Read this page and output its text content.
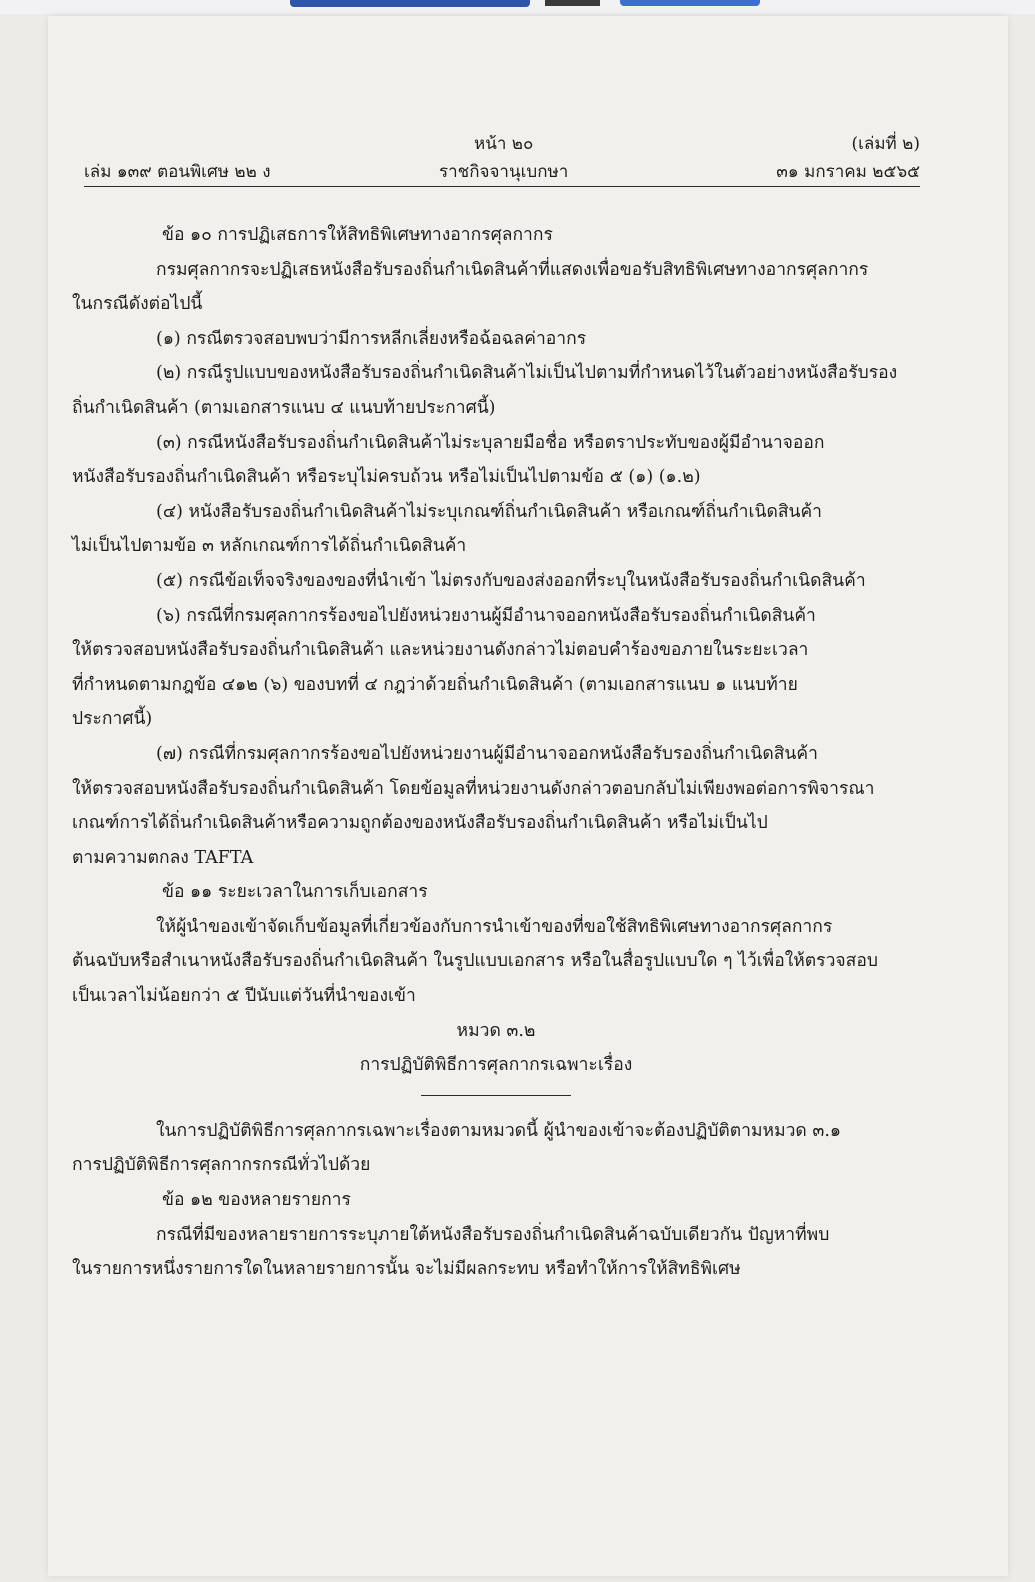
หน้า ๒๐	(เล่มที่ ๒)
เล่ม ๑๓๙ ตอนพิเศษ ๒๒ ง	ราชกิจจานุเบกษา	๓๑ มกราคม ๒๕๖๕
ข้อ ๑๐ การปฏิเสธการให้สิทธิพิเศษทางอากรศุลกากร
กรมศุลกากรจะปฏิเสธหนังสือรับรองถิ่นกำเนิดสินค้าที่แสดงเพื่อขอรับสิทธิพิเศษทางอากรศุลกากร
ในกรณีดังต่อไปนี้
(๑) กรณีตรวจสอบพบว่ามีการหลีกเลี่ยงหรือฉ้อฉลค่าอากร
(๒) กรณีรูปแบบของหนังสือรับรองถิ่นกำเนิดสินค้าไม่เป็นไปตามที่กำหนดไว้ในตัวอย่างหนังสือรับรอง
ถิ่นกำเนิดสินค้า (ตามเอกสารแนบ ๔ แนบท้ายประกาศนี้)
(๓) กรณีหนังสือรับรองถิ่นกำเนิดสินค้าไม่ระบุลายมือชื่อ หรือตราประทับของผู้มีอำนาจออก
หนังสือรับรองถิ่นกำเนิดสินค้า หรือระบุไม่ครบถ้วน หรือไม่เป็นไปตามข้อ ๕ (๑) (๑.๒)
(๔) หนังสือรับรองถิ่นกำเนิดสินค้าไม่ระบุเกณฑ์ถิ่นกำเนิดสินค้า หรือเกณฑ์ถิ่นกำเนิดสินค้า
ไม่เป็นไปตามข้อ ๓ หลักเกณฑ์การได้ถิ่นกำเนิดสินค้า
(๕) กรณีข้อเท็จจริงของของที่นำเข้า ไม่ตรงกับของส่งออกที่ระบุในหนังสือรับรองถิ่นกำเนิดสินค้า
(๖) กรณีที่กรมศุลกากรร้องขอไปยังหน่วยงานผู้มีอำนาจออกหนังสือรับรองถิ่นกำเนิดสินค้า
ให้ตรวจสอบหนังสือรับรองถิ่นกำเนิดสินค้า และหน่วยงานดังกล่าวไม่ตอบคำร้องขอภายในระยะเวลา
ที่กำหนดตามกฎข้อ ๔๑๒ (๖) ของบทที่ ๔ กฎว่าด้วยถิ่นกำเนิดสินค้า (ตามเอกสารแนบ ๑ แนบท้าย
ประกาศนี้)
(๗) กรณีที่กรมศุลกากรร้องขอไปยังหน่วยงานผู้มีอำนาจออกหนังสือรับรองถิ่นกำเนิดสินค้า
ให้ตรวจสอบหนังสือรับรองถิ่นกำเนิดสินค้า โดยข้อมูลที่หน่วยงานดังกล่าวตอบกลับไม่เพียงพอต่อการพิจารณา
เกณฑ์การได้ถิ่นกำเนิดสินค้าหรือความถูกต้องของหนังสือรับรองถิ่นกำเนิดสินค้า หรือไม่เป็นไป
ตามความตกลง TAFTA
ข้อ ๑๑ ระยะเวลาในการเก็บเอกสาร
ให้ผู้นำของเข้าจัดเก็บข้อมูลที่เกี่ยวข้องกับการนำเข้าของที่ขอใช้สิทธิพิเศษทางอากรศุลกากร
ต้นฉบับหรือสำเนาหนังสือรับรองถิ่นกำเนิดสินค้า ในรูปแบบเอกสาร หรือในสื่อรูปแบบใด ๆ ไว้เพื่อให้ตรวจสอบ
เป็นเวลาไม่น้อยกว่า ๕ ปีนับแต่วันที่นำของเข้า
หมวด ๓.๒
การปฏิบัติพิธีการศุลกากรเฉพาะเรื่อง
ในการปฏิบัติพิธีการศุลกากรเฉพาะเรื่องตามหมวดนี้ ผู้นำของเข้าจะต้องปฏิบัติตามหมวด ๓.๑
การปฏิบัติพิธีการศุลกากรกรณีทั่วไปด้วย
ข้อ ๑๒ ของหลายรายการ
กรณีที่มีของหลายรายการระบุภายใต้หนังสือรับรองถิ่นกำเนิดสินค้าฉบับเดียวกัน ปัญหาที่พบ
ในรายการหนึ่งรายการใดในหลายรายการนั้น จะไม่มีผลกระทบ หรือทำให้การให้สิทธิพิเศษ
